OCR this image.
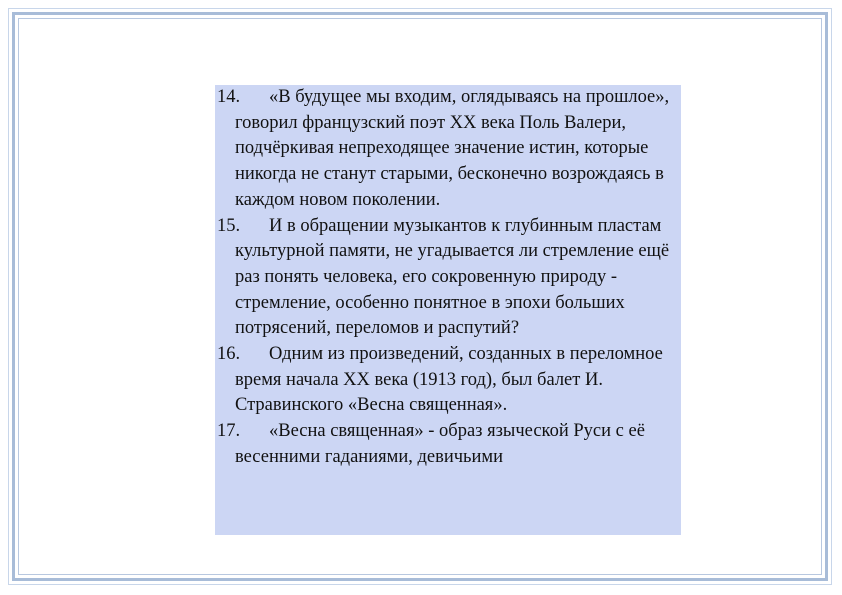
14. «В будущее мы входим, оглядываясь на прошлое», говорил французский поэт XX века Поль Валери, подчёркивая непреходящее значение истин, которые никогда не станут старыми, бесконечно возрождаясь в каждом новом поколении.

15. И в обращении музыкантов к глубинным пластам культурной памяти, не угадывается ли стремление ещё раз понять человека, его сокровенную природу - стремление, особенно понятное в эпохи больших потрясений, переломов и распутий?

16. Одним из произведений, созданных в переломное время начала XX века (1913 год), был балет И. Стравинского «Весна священная».

17. «Весна священная» - образ языческой Руси с её весенними гаданиями, девичьими
